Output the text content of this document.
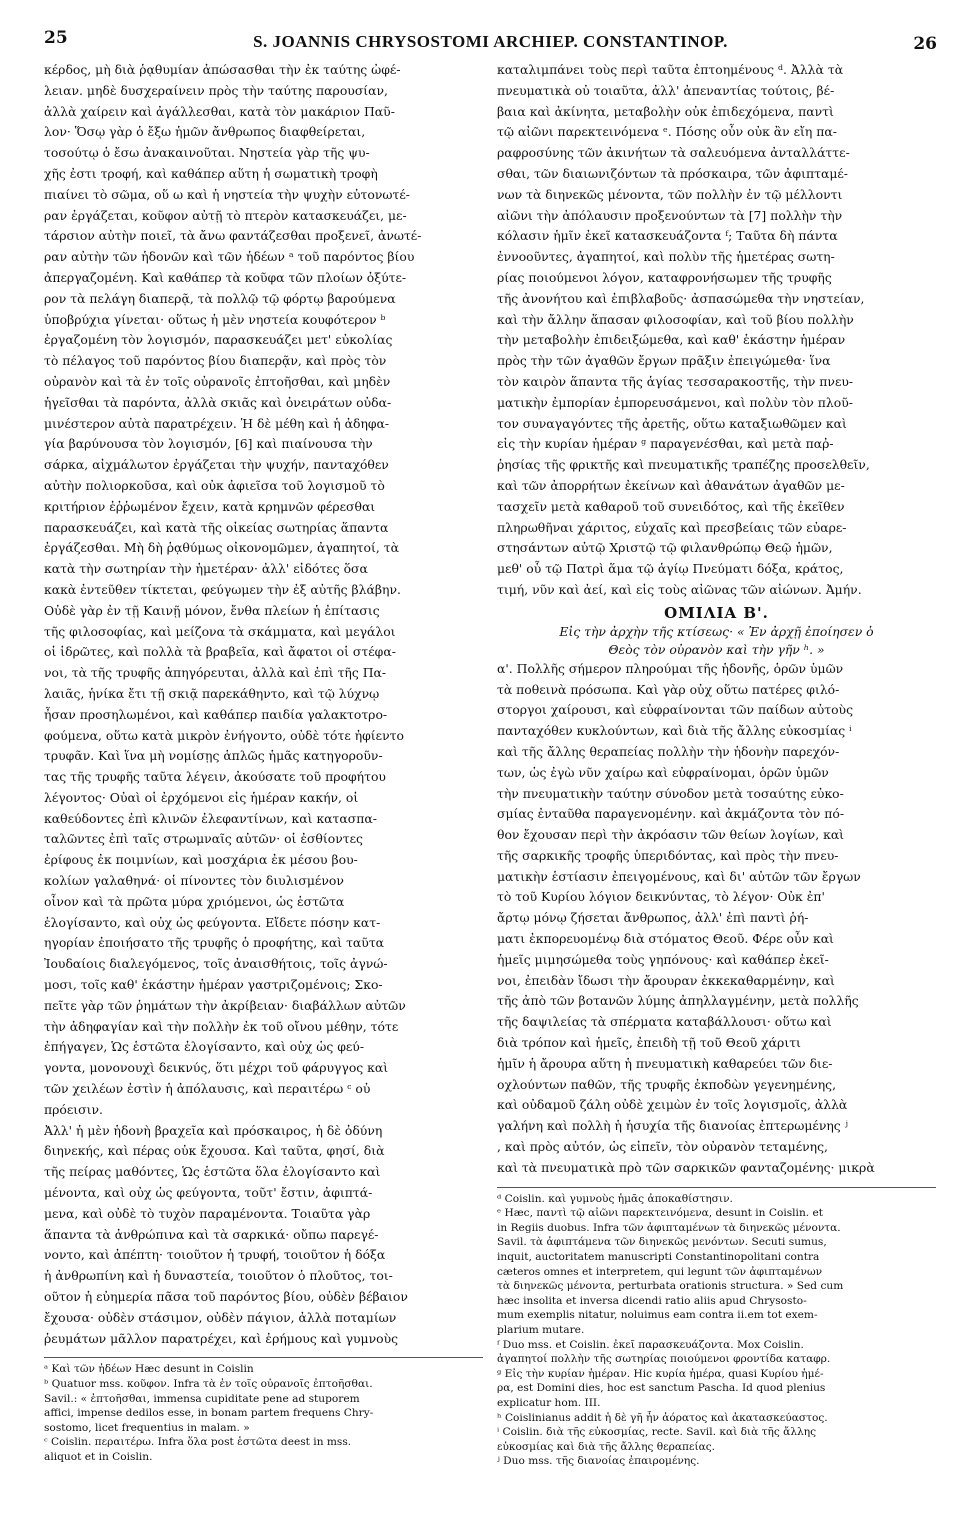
25	S. JOANNIS CHRYSOSTOMI ARCHIEP. CONSTANTINOP.	26
κέρδος, μὴ διὰ ῥᾳθυμίαν ἀπώσασθαι τὴν ἐκ ταύτης ὠφέ-
λειαν. μηδὲ δυσχεραίνειν πρὸς τὴν ταύτης παρουσίαν,
ἀλλὰ χαίρειν καὶ ἀγάλλεσθαι, κατὰ τὸν μακάριον Παῦ-
λον· Ὅσῳ γὰρ ὁ ἔξω ἡμῶν ἄνθρωπος διαφθείρεται,
τοσούτῳ ὁ ἔσω ἀνακαινοῦται. Νηστεία γὰρ τῆς ψυ-
χῆς ἐστι τροφή, καὶ καθάπερ αὕτη ἡ σωματικὴ τροφὴ
πιαίνει τὸ σῶμα, οὕ ω καὶ ἡ νηστεία τὴν ψυχὴν εὐτονωτέ-
ραν ἐργάζεται, κοῦφον αὐτῇ τὸ πτερὸν κατασκευάζει, με-
τάρσιον αὐτὴν ποιεῖ, τὰ ἄνω φαντάζεσθαι προξενεῖ, ἀνωτέ-
ραν αὐτὴν τῶν ἡδονῶν καὶ τῶν ἡδέων ᵃ τοῦ παρόντος βίου
ἀπεργαζομένη. Καὶ καθάπερ τὰ κοῦφα τῶν πλοίων ὀξύτε-
ρον τὰ πελάγη διαπερᾷ, τὰ πολλῷ τῷ φόρτῳ βαρούμενα
ὑποβρύχια γίνεται· οὕτως ἡ μὲν νηστεία κουφότερον ᵇ
ἐργαζομένη τὸν λογισμόν, παρασκευάζει μετ' εὐκολίας
τὸ πέλαγος τοῦ παρόντος βίου διαπερᾷν, καὶ πρὸς τὸν
οὐρανὸν καὶ τὰ ἐν τοῖς οὐρανοῖς ἐπτοῆσθαι, καὶ μηδὲν
ἡγεῖσθαι τὰ παρόντα, ἀλλὰ σκιᾶς καὶ ὀνειράτων οὐδα-
μινέστερον αὐτὰ παρατρέχειν. Ἡ δὲ μέθη καὶ ἡ ἀδηφα-
γία βαρύνουσα τὸν λογισμόν, [6] καὶ πιαίνουσα τὴν
σάρκα, αἰχμάλωτον ἐργάζεται τὴν ψυχήν, πανταχόθεν
αὐτὴν πολιορκοῦσα, καὶ οὐκ ἀφιεῖσα τοῦ λογισμοῦ τὸ
κριτήριον ἐῤῥωμένον ἔχειν, κατὰ κρημνῶν φέρεσθαι
παρασκευάζει, καὶ κατὰ τῆς οἰκείας σωτηρίας ἅπαντα
ἐργάζεσθαι. Μὴ δὴ ῥᾳθύμως οἰκονομῶμεν, ἀγαπητοί, τὰ
κατὰ τὴν σωτηρίαν τὴν ἡμετέραν· ἀλλ' εἰδότες ὅσα
κακὰ ἐντεῦθεν τίκτεται, φεύγωμεν τὴν ἐξ αὐτῆς βλάβην.
Οὐδὲ γὰρ ἐν τῇ Καινῇ μόνον, ἔνθα πλείων ἡ ἐπίτασις
τῆς φιλοσοφίας, καὶ μείζονα τὰ σκάμματα, καὶ μεγάλοι
οἱ ἱδρῶτες, καὶ πολλὰ τὰ βραβεῖα, καὶ ἄφατοι οἱ στέφα-
νοι, τὰ τῆς τρυφῆς ἀπηγόρευται, ἀλλὰ καὶ ἐπὶ τῆς Πα-
λαιᾶς, ἡνίκα ἔτι τῇ σκιᾷ παρεκάθηντο, καὶ τῷ λύχνῳ
ἦσαν προσηλωμένοι, καὶ καθάπερ παιδία γαλακτοτρο-
φούμενα, οὕτω κατὰ μικρὸν ἐνήγοντο, οὐδὲ τότε ἠφίεντο
τρυφᾶν. Καὶ ἵνα μὴ νομίσῃς ἁπλῶς ἡμᾶς κατηγοροῦν-
τας τῆς τρυφῆς ταῦτα λέγειν, ἀκούσατε τοῦ προφήτου
λέγοντος· Οὐαὶ οἱ ἐρχόμενοι εἰς ἡμέραν κακήν, οἱ
καθεύδοντες ἐπὶ κλινῶν ἐλεφαντίνων, καὶ κατασπα-
ταλῶντες ἐπὶ ταῖς στρωμναῖς αὐτῶν· οἱ ἐσθίοντες
ἐρίφους ἐκ ποιμνίων, καὶ μοσχάρια ἐκ μέσου βου-
κολίων γαλαθηνά· οἱ πίνοντες τὸν διυλισμένον
οἶνον καὶ τὰ πρῶτα μύρα χριόμενοι, ὡς ἑστῶτα
ἐλογίσαντο, καὶ οὐχ ὡς φεύγοντα. Εἴδετε πόσην κατ-
ηγορίαν ἐποιήσατο τῆς τρυφῆς ὁ προφήτης, καὶ ταῦτα
Ἰουδαίοις διαλεγόμενος, τοῖς ἀναισθήτοις, τοῖς ἀγνώ-
μοσι, τοῖς καθ' ἑκάστην ἡμέραν γαστριζομένοις; Σκο-
πεῖτε γὰρ τῶν ῥημάτων τὴν ἀκρίβειαν· διαβάλλων αὐτῶν
τὴν ἀδηφαγίαν καὶ τὴν πολλὴν ἐκ τοῦ οἴνου μέθην, τότε
ἐπήγαγεν, Ὡς ἑστῶτα ἐλογίσαντο, καὶ οὐχ ὡς φεύ-
γοντα, μονονουχὶ δεικνύς, ὅτι μέχρι τοῦ φάρυγγος καὶ
τῶν χειλέων ἐστὶν ἡ ἀπόλαυσις, καὶ περαιτέρω ᶜ οὐ
πρόεισιν.
Ἀλλ' ἡ μὲν ἡδονὴ βραχεῖα καὶ πρόσκαιρος, ἡ δὲ ὀδύνη
διηνεκής, καὶ πέρας οὐκ ἔχουσα. Καὶ ταῦτα, φησί, διὰ
τῆς πείρας μαθόντες, Ὡς ἑστῶτα ὅλα ἐλογίσαντο καὶ
μένοντα, καὶ οὐχ ὡς φεύγοντα, τοῦτ' ἔστιν, ἀφιπτά-
μενα, καὶ οὐδὲ τὸ τυχὸν παραμένοντα. Τοιαῦτα γὰρ
ἅπαντα τὰ ἀνθρώπινα καὶ τὰ σαρκικά· οὔπω παρεγέ-
νοντο, καὶ ἀπέπτη· τοιοῦτον ἡ τρυφή, τοιοῦτον ἡ δόξα
ἡ ἀνθρωπίνη καὶ ἡ δυναστεία, τοιοῦτον ὁ πλοῦτος, τοι-
οῦτον ἡ εὐημερία πᾶσα τοῦ παρόντος βίου, οὐδὲν βέβαιον
ἔχουσα· οὐδὲν στάσιμον, οὐδὲν πάγιον, ἀλλὰ ποταμίων
ῥευμάτων μᾶλλον παρατρέχει, καὶ ἐρήμους καὶ γυμνοὺς
ᵃ Καὶ τῶν ἡδέων Hæc desunt in Coislin
ᵇ Quatuor mss. κοῦφον. Infra τὰ ἐν τοῖς οὐρανοῖς ἐπτοῆσθαι.
Savil.: « ἐπτοῆσθαι, immensa cupiditate pene ad stuporem
affici, impense dedilos esse, in bonam partem frequens Chry-
sostomo, licet frequentius in malam. »
ᶜ Coislin. περαιτέρω. Infra ὅλα post ἑστῶτα deest in mss.
aliquot et in Coislin.
καταλιμπάνει τοὺς περὶ ταῦτα ἐπτοημένους ᵈ. Ἀλλὰ τὰ
πνευματικὰ οὐ τοιαῦτα, ἀλλ' ἀπεναντίας τούτοις, βέ-
βαια καὶ ἀκίνητα, μεταβολὴν οὐκ ἐπιδεχόμενα, παντὶ
τῷ αἰῶνι παρεκτεινόμενα ᵉ. Πόσης οὖν οὐκ ἂν εἴη πα-
ραφροσύνης τῶν ἀκινήτων τὰ σαλευόμενα ἀνταλλάττε-
σθαι, τῶν διαιωνιζόντων τὰ πρόσκαιρα, τῶν ἀφιπταμέ-
νων τὰ διηνεκῶς μένοντα, τῶν πολλὴν ἐν τῷ μέλλοντι
αἰῶνι τὴν ἀπόλαυσιν προξενούντων τὰ [7] πολλὴν τὴν
κόλασιν ἡμῖν ἐκεῖ κατασκευάζοντα ᶠ; Ταῦτα δὴ πάντα
ἐννοοῦντες, ἀγαπητοί, καὶ πολὺν τῆς ἡμετέρας σωτη-
ρίας ποιούμενοι λόγον, καταφρονήσωμεν τῆς τρυφῆς
τῆς ἀνονήτου καὶ ἐπιβλαβοῦς· ἀσπασώμεθα τὴν νηστείαν,
καὶ τὴν ἄλλην ἅπασαν φιλοσοφίαν, καὶ τοῦ βίου πολλὴν
τὴν μεταβολὴν ἐπιδειξώμεθα, καὶ καθ' ἑκάστην ἡμέραν
πρὸς τὴν τῶν ἀγαθῶν ἔργων πρᾶξιν ἐπειγώμεθα· ἵνα
τὸν καιρὸν ἅπαντα τῆς ἁγίας τεσσαρακοστῆς, τὴν πνευ-
ματικὴν ἐμπορίαν ἐμπορευσάμενοι, καὶ πολὺν τὸν πλοῦ-
τον συναγαγόντες τῆς ἀρετῆς, οὕτω καταξιωθῶμεν καὶ
εἰς τὴν κυρίαν ἡμέραν ᵍ παραγενέσθαι, καὶ μετὰ παῤ-
ῥησίας τῆς φρικτῆς καὶ πνευματικῆς τραπέζης προσελθεῖν,
καὶ τῶν ἀπορρήτων ἐκείνων καὶ ἀθανάτων ἀγαθῶν με-
τασχεῖν μετὰ καθαροῦ τοῦ συνειδότος, καὶ τῆς ἐκεῖθεν
πληρωθῆναι χάριτος, εὐχαῖς καὶ πρεσβείαις τῶν εὐαρε-
στησάντων αὐτῷ Χριστῷ τῷ φιλανθρώπῳ Θεῷ ἡμῶν,
μεθ' οὗ τῷ Πατρὶ ἅμα τῷ ἁγίῳ Πνεύματι δόξα, κράτος,
τιμή, νῦν καὶ ἀεί, καὶ εἰς τοὺς αἰῶνας τῶν αἰώνων. Ἀμήν.
ΟΜΙΛΙΑ Β'.
Εἰς τὴν ἀρχὴν τῆς κτίσεως· « Ἐν ἀρχῇ ἐποίησεν ὁ
Θεὸς τὸν οὐρανὸν καὶ τὴν γῆν ʰ. »
α'. Πολλῆς σήμερον πληρούμαι τῆς ἡδονῆς, ὁρῶν ὑμῶν
τὰ ποθεινὰ πρόσωπα. Καὶ γὰρ οὐχ οὕτω πατέρες φιλό-
στοργοι χαίρουσι, καὶ εὐφραίνονται τῶν παίδων αὐτοὺς
πανταχόθεν κυκλούντων, καὶ διὰ τῆς ἄλλης εὐκοσμίας ⁱ
καὶ τῆς ἄλλης θεραπείας πολλὴν τὴν ἡδονὴν παρεχόν-
των, ὡς ἐγὼ νῦν χαίρω καὶ εὐφραίνομαι, ὁρῶν ὑμῶν
τὴν πνευματικὴν ταύτην σύνοδον μετὰ τοσαύτης εὐκο-
σμίας ἐνταῦθα παραγενομένην. καὶ ἀκμάζοντα τὸν πό-
θον ἔχουσαν περὶ τὴν ἀκρόασιν τῶν θείων λογίων, καὶ
τῆς σαρκικῆς τροφῆς ὑπεριδόντας, καὶ πρὸς τὴν πνευ-
ματικὴν ἑστίασιν ἐπειγομένους, καὶ δι' αὐτῶν τῶν ἔργων
τὸ τοῦ Κυρίου λόγιον δεικνύντας, τὸ λέγον· Οὐκ ἐπ'
ἄρτῳ μόνῳ ζήσεται ἄνθρωπος, ἀλλ' ἐπὶ παντὶ ῥή-
ματι ἐκπορευομένῳ διὰ στόματος Θεοῦ. Φέρε οὖν καὶ
ἡμεῖς μιμησώμεθα τοὺς γηπόνους· καὶ καθάπερ ἐκεῖ-
νοι, ἐπειδὰν ἴδωσι τὴν ἄρουραν ἐκκεκαθαρμένην, καὶ
τῆς ἀπὸ τῶν βοτανῶν λύμης ἀπηλλαγμένην, μετὰ πολλῆς
τῆς δαψιλείας τὰ σπέρματα καταβάλλουσι· οὕτω καὶ
διὰ τρόπον καὶ ἡμεῖς, ἐπειδὴ τῇ τοῦ Θεοῦ χάριτι
ἡμῖν ἡ ἄρουρα αὕτη ἡ πνευματικὴ καθαρεύει τῶν διε-
οχλούντων παθῶν, τῆς τρυφῆς ἐκποδὼν γεγενημένης,
καὶ οὐδαμοῦ ζάλη οὐδὲ χειμὼν ἐν τοῖς λογισμοῖς, ἀλλὰ
γαλήνη καὶ πολλὴ ἡ ἡσυχία τῆς διανοίας ἐπτερωμένης ʲ
, καὶ πρὸς αὐτόν, ὡς εἰπεῖν, τὸν οὐρανὸν τεταμένης,
καὶ τὰ πνευματικὰ πρὸ τῶν σαρκικῶν φανταζομένης· μικρὰ
ᵈ Coislin. καὶ γυμνοὺς ἡμᾶς ἀποκαθίστησιν.
ᵉ Hæc, παντὶ τῷ αἰῶνι παρεκτεινόμενα, desunt in Coislin. et
in Regiis duobus. Infra τῶν ἀφιπταμένων τὰ διηνεκῶς μένοντα.
Savil. τὰ ἀφιπτάμενα τῶν διηνεκῶς μενόντων. Secuti sumus,
inquit, auctoritatem manuscripti Constantinopolitani contra
cæteros omnes et interpretem, qui legunt τῶν ἀφιπταμένων
τὰ διηνεκῶς μένοντα, perturbata orationis structura. » Sed cum
hæc insolita et inversa dicendi ratio aliis apud Chrysosto-
mum exemplis nitatur, noluimus eam contra ii.em tot exem-
plarium mutare.
ᶠ Duo mss. et Coislin. ἐκεῖ παρασκευάζοντα. Mox Coislin.
ἀγαπητοί πολλὴν τῆς σωτηρίας ποιούμενοι φροντίδα καταφρ.
ᵍ Εἰς τὴν κυρίαν ἡμέραν. Hic κυρία ἡμέρα, quasi Κυρίου ἡμέ-
ρα, est Domini dies, hoc est sanctum Pascha. Id quod plenius
explicatur hom. III.
ʰ Coislinianus addit ἡ δὲ γῆ ἦν ἀόρατος καὶ ἀκατασκεύαστος.
ⁱ Coislin. διὰ τῆς εὐκοσμίας, recte. Savil. καὶ διὰ τῆς ἄλλης
εὐκοσμίας καὶ διὰ τῆς ἄλλης θεραπείας.
ʲ Duo mss. τῆς διανοίας ἐπαιρομένης.
